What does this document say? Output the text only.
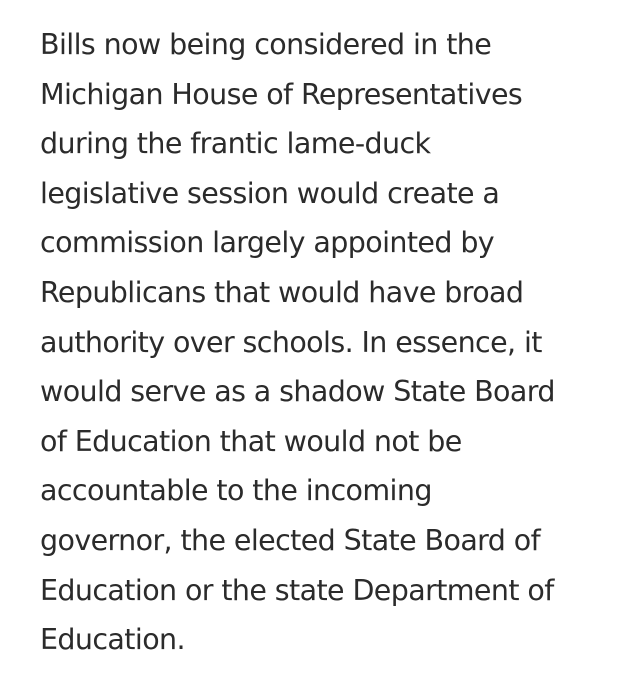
Bills now being considered in the
Michigan House of Representatives
during the frantic lame-duck
legislative session would create a
commission largely appointed by
Republicans that would have broad
authority over schools. In essence, it
would serve as a shadow State Board
of Education that would not be
accountable to the incoming
governor, the elected State Board of
Education or the state Department of
Education.
